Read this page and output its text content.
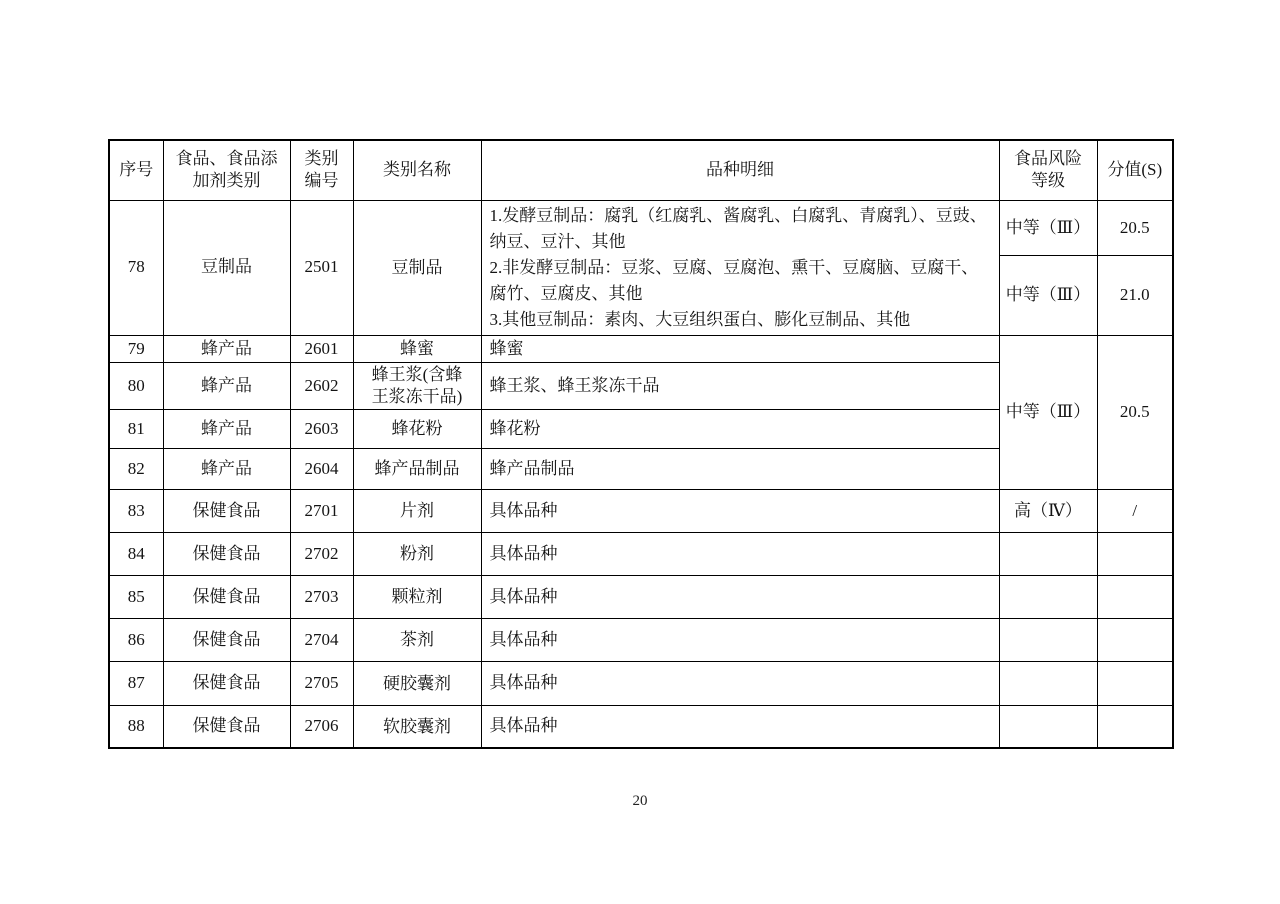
序号	食品、食品添加剂类别	类别编号	类别名称	品种明细	食品风险等级	分值(S)
78	豆制品	2501	豆制品	1.发酵豆制品：腐乳（红腐乳、酱腐乳、白腐乳、青腐乳）、豆豉、纳豆、豆汁、其他
2.非发酵豆制品：豆浆、豆腐、豆腐泡、熏干、豆腐脑、豆腐干、腐竹、豆腐皮、其他
3.其他豆制品：素肉、大豆组织蛋白、膨化豆制品、其他	中等（Ⅲ）	20.5
					中等（Ⅲ）	21.0
79	蜂产品	2601	蜂蜜	蜂蜜	中等（Ⅲ）	20.5
80	蜂产品	2602	蜂王浆(含蜂王浆冻干品)	蜂王浆、蜂王浆冻干品		
81	蜂产品	2603	蜂花粉	蜂花粉		
82	蜂产品	2604	蜂产品制品	蜂产品制品		
83	保健食品	2701	片剂	具体品种	高（Ⅳ）	/
84	保健食品	2702	粉剂	具体品种		
85	保健食品	2703	颗粒剂	具体品种		
86	保健食品	2704	茶剂	具体品种		
87	保健食品	2705	硬胶囊剂	具体品种		
88	保健食品	2706	软胶囊剂	具体品种		
20
